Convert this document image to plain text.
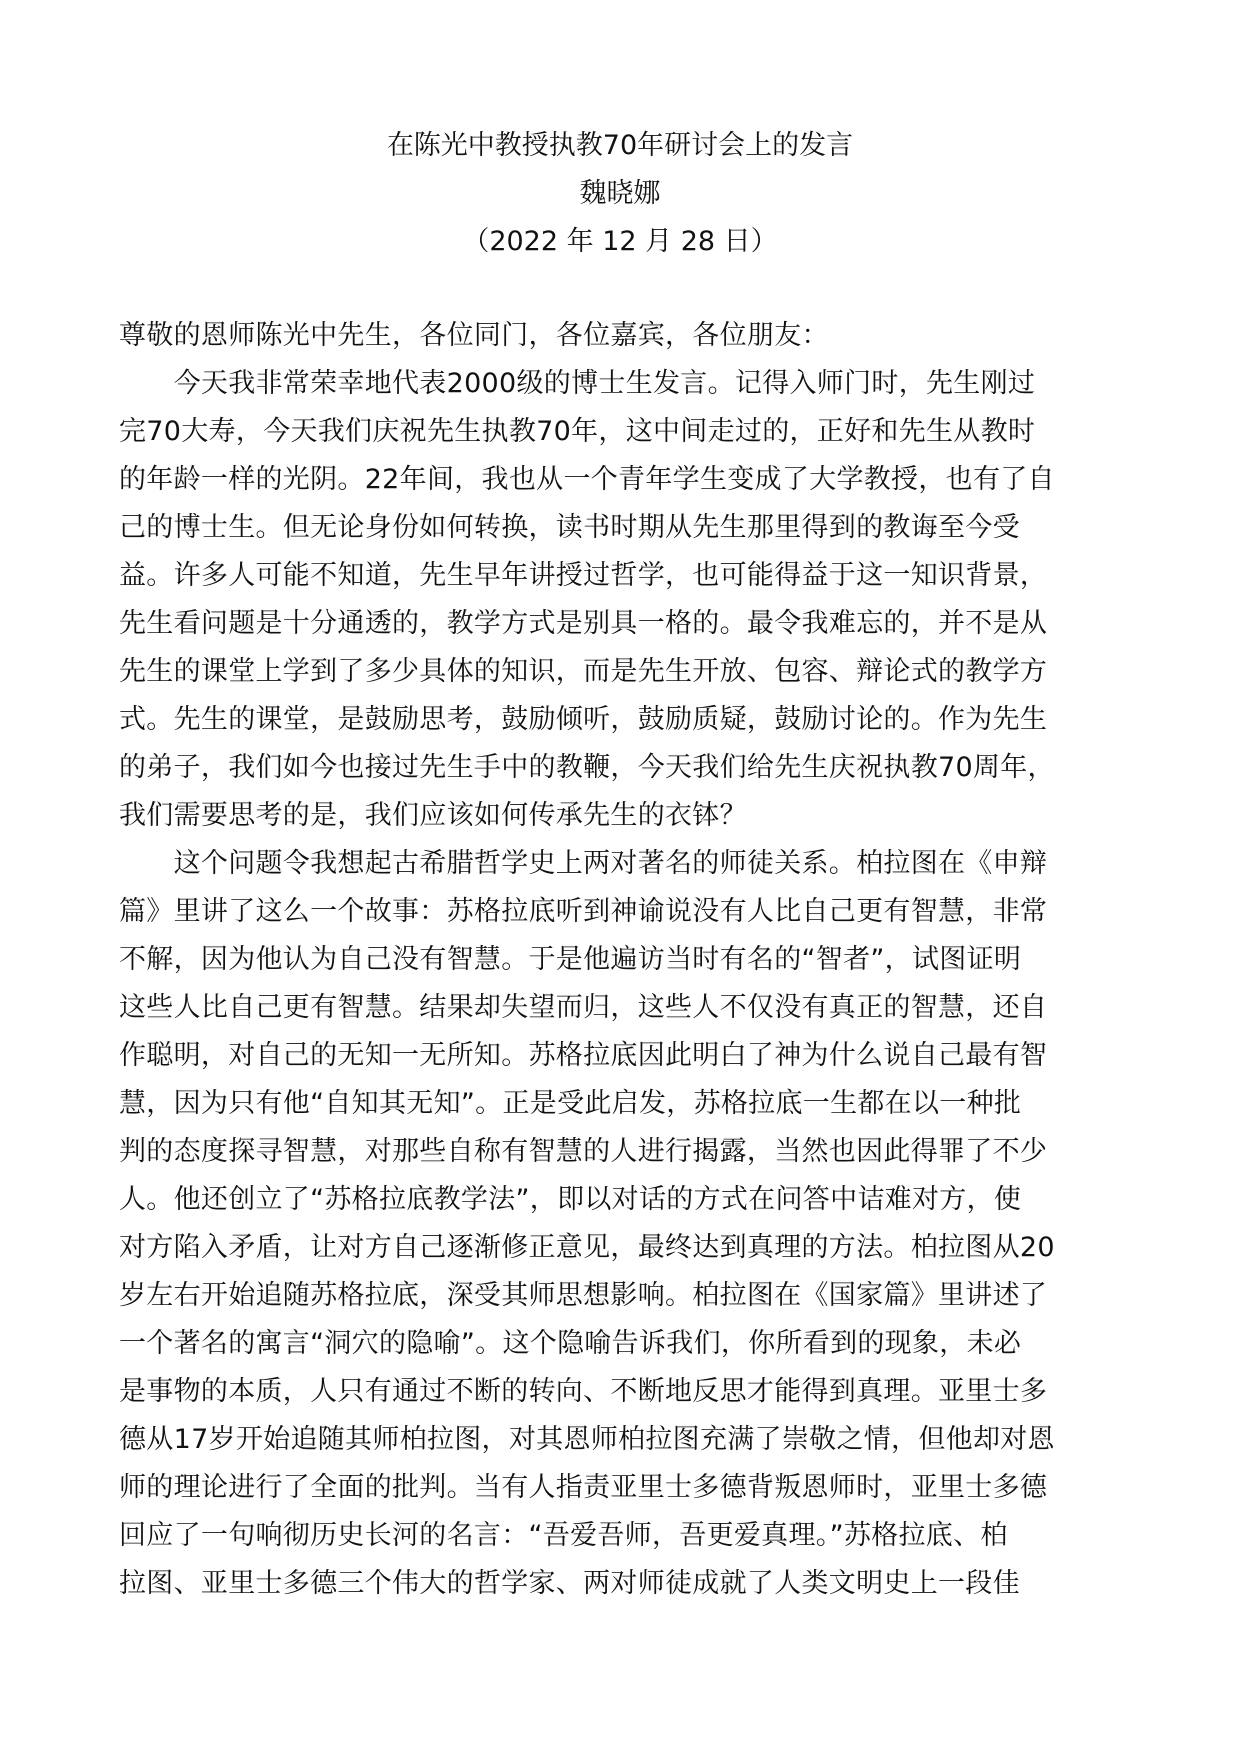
在陈光中教授执教70年研讨会上的发言
魏晓娜
（2022 年 12 月 28 日）
尊敬的恩师陈光中先生，各位同门，各位嘉宾，各位朋友：
　　今天我非常荣幸地代表2000级的博士生发言。记得入师门时，先生刚过
完70大寿，今天我们庆祝先生执教70年，这中间走过的，正好和先生从教时
的年龄一样的光阴。22年间，我也从一个青年学生变成了大学教授，也有了自
己的博士生。但无论身份如何转换，读书时期从先生那里得到的教诲至今受
益。许多人可能不知道，先生早年讲授过哲学，也可能得益于这一知识背景，
先生看问题是十分通透的，教学方式是别具一格的。最令我难忘的，并不是从
先生的课堂上学到了多少具体的知识，而是先生开放、包容、辩论式的教学方
式。先生的课堂，是鼓励思考，鼓励倾听，鼓励质疑，鼓励讨论的。作为先生
的弟子，我们如今也接过先生手中的教鞭，今天我们给先生庆祝执教70周年，
我们需要思考的是，我们应该如何传承先生的衣钵？
　　这个问题令我想起古希腊哲学史上两对著名的师徒关系。柏拉图在《申辩
篇》里讲了这么一个故事：苏格拉底听到神谕说没有人比自己更有智慧，非常
不解，因为他认为自己没有智慧。于是他遍访当时有名的“智者”，试图证明
这些人比自己更有智慧。结果却失望而归，这些人不仅没有真正的智慧，还自
作聪明，对自己的无知一无所知。苏格拉底因此明白了神为什么说自己最有智
慧，因为只有他“自知其无知”。正是受此启发，苏格拉底一生都在以一种批
判的态度探寻智慧，对那些自称有智慧的人进行揭露，当然也因此得罪了不少
人。他还创立了“苏格拉底教学法”，即以对话的方式在问答中诘难对方，使
对方陷入矛盾，让对方自己逐渐修正意见，最终达到真理的方法。柏拉图从20
岁左右开始追随苏格拉底，深受其师思想影响。柏拉图在《国家篇》里讲述了
一个著名的寓言“洞穴的隐喻”。这个隐喻告诉我们，你所看到的现象，未必
是事物的本质，人只有通过不断的转向、不断地反思才能得到真理。亚里士多
德从17岁开始追随其师柏拉图，对其恩师柏拉图充满了崇敬之情，但他却对恩
师的理论进行了全面的批判。当有人指责亚里士多德背叛恩师时，亚里士多德
回应了一句响彻历史长河的名言：“吾爱吾师，吾更爱真理。”苏格拉底、柏
拉图、亚里士多德三个伟大的哲学家、两对师徒成就了人类文明史上一段佳
